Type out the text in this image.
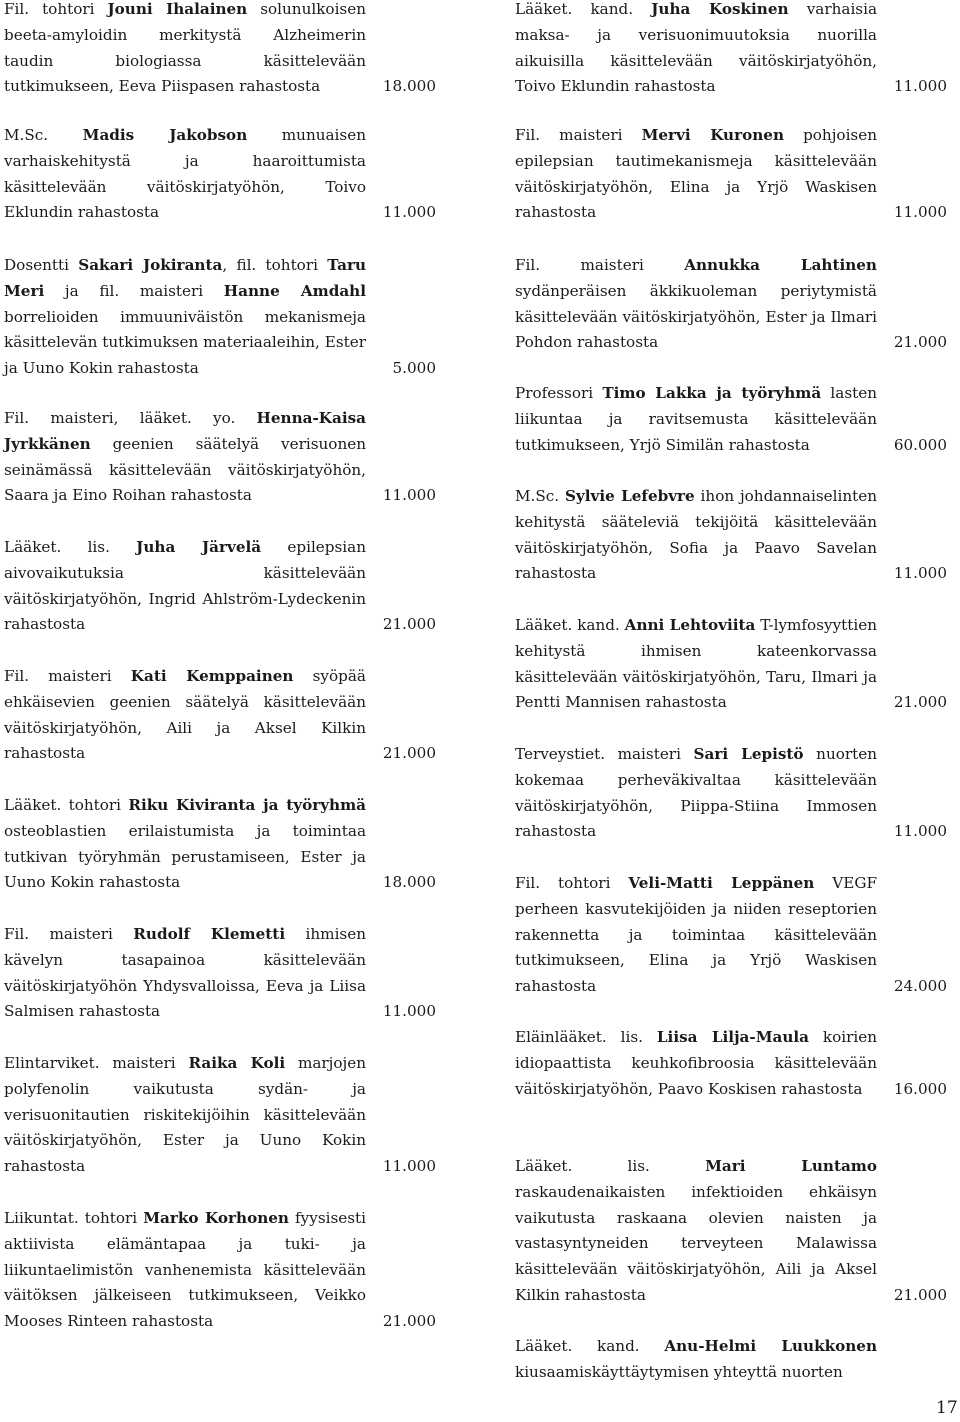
Fil. tohtori Jouni Ihalainen solunulkoisen beeta-amyloidin merkitystä Alzheimerin taudin biologiassa käsittelevään tutkimukseen, Eeva Piispasen rahastosta	18.000
M.Sc. Madis Jakobson munuaisen varhaiskehitystä ja haaroittumista käsittelevään väitöskirjatyöhön, Toivo Eklundin rahastosta	11.000
Dosentti Sakari Jokiranta, fil. tohtori Taru Meri ja fil. maisteri Hanne Amdahl borrelioiden immuuniväistön mekanismeja käsittelevän tutkimuksen materiaaleihin, Ester ja Uuno Kokin rahastosta	5.000
Fil. maisteri, lääket. yo. Henna-Kaisa Jyrkkänen geenien säätelyä verisuonen seinämässä käsittelevään väitöskirjatyöhön, Saara ja Eino Roihan rahastosta	11.000
Lääket. lis. Juha Järvelä epilepsian aivovaikutuksia käsittelevään väitöskirjatyöhön, Ingrid Ahlström-Lydeckenin rahastosta	21.000
Fil. maisteri Kati Kemppainen syöpää ehkäisevien geenien säätelyä käsittelevään väitöskirjatyöhön, Aili ja Aksel Kilkin rahastosta	21.000
Lääket. tohtori Riku Kiviranta ja työryhmä osteoblastien erilaistumista ja toimintaa tutkivan työryhmän perustamiseen, Ester ja Uuno Kokin rahastosta	18.000
Fil. maisteri Rudolf Klemetti ihmisen kävelyn tasapainoa käsittelevään väitöskirjatyöhön Yhdysvalloissa, Eeva ja Liisa Salmisen rahastosta	11.000
Elintarviket. maisteri Raika Koli marjojen polyfenolin vaikutusta sydän- ja verisuonitautien riskitekijöihin käsittelevään väitöskirjatyöhön, Ester ja Uuno Kokin rahastosta	11.000
Liikuntat. tohtori Marko Korhonen fyysisesti aktiivista elämäntapaa ja tuki- ja liikuntaelimistön vanhenemista käsittelevään väitöksen jälkeiseen tutkimukseen, Veikko Mooses Rinteen rahastosta	21.000
Lääket. kand. Juha Koskinen varhaisia maksa- ja verisuonimuutoksia nuorilla aikuisilla käsittelevään väitöskirjatyöhön, Toivo Eklundin rahastosta	11.000
Fil. maisteri Mervi Kuronen pohjoisen epilepsian tautimekanismeja käsittelevään väitöskirjatyöhön, Elina ja Yrjö Waskisen rahastosta	11.000
Fil. maisteri Annukka Lahtinen sydänperäisen äkkikuoleman periytymistä käsittelevään väitöskirjatyöhön, Ester ja Ilmari Pohdon rahastosta	21.000
Professori Timo Lakka ja työryhmä lasten liikuntaa ja ravitsemusta käsittelevään tutkimukseen, Yrjö Similän rahastosta	60.000
M.Sc. Sylvie Lefebvre ihon johdannaiselinten kehitystä sääteleviä tekijöitä käsittelevään väitöskirjatyöhön, Sofia ja Paavo Savelan rahastosta	11.000
Lääket. kand. Anni Lehtoviita T-lymfosyyttien kehitystä ihmisen kateenkorvassa käsittelevään väitöskirjatyöhön, Taru, Ilmari ja Pentti Mannisen rahastosta	21.000
Terveystiet. maisteri Sari Lepistö nuorten kokemaa perheväkivaltaa käsittelevään väitöskirjatyöhön, Piippa-Stiina Immosen rahastosta	11.000
Fil. tohtori Veli-Matti Leppänen VEGF perheen kasvutekijöiden ja niiden reseptorien rakennetta ja toimintaa käsittelevään tutkimukseen, Elina ja Yrjö Waskisen rahastosta	24.000
Eläinlääket. lis. Liisa Lilja-Maula koirien idiopaattista keuhkofibroosia käsittelevään väitöskirjatyöhön, Paavo Koskisen rahastosta	16.000
Lääket. lis. Mari Luntamo raskaudenaikaisten infektioiden ehkäisyn vaikutusta raskaana olevien naisten ja vastasyntyneiden terveyteen Malawissa käsittelevään väitöskirjatyöhön, Aili ja Aksel Kilkin rahastosta	21.000
Lääket. kand. Anu-Helmi Luukkonen kiusaamiskäyttäytymisen yhteyttä nuorten
17
